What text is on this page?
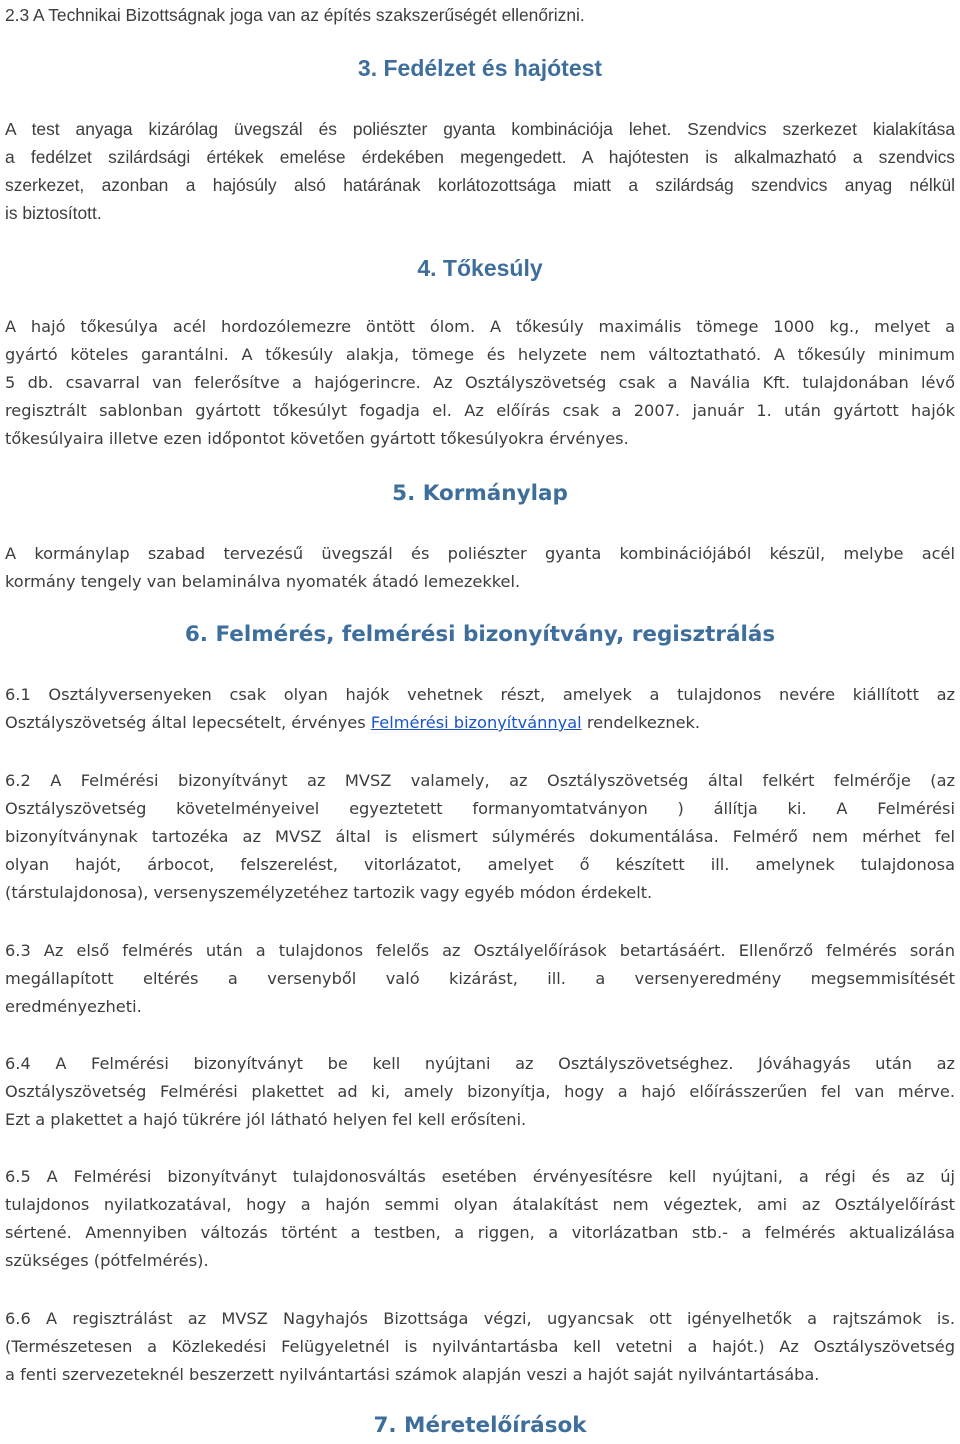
2.3 A Technikai Bizottságnak joga van az építés szakszerűségét ellenőrizni.
3. Fedélzet és hajótest
A test anyaga kizárólag üvegszál és poliészter gyanta kombinációja lehet. Szendvics szerkezet kialakítása
a fedélzet szilárdsági értékek emelése érdekében megengedett. A hajótesten is alkalmazható a szendvics
szerkezet, azonban a hajósúly alsó határának korlátozottsága miatt a szilárdság szendvics anyag nélkül
is biztosított.
4. Tőkesúly
A hajó tőkesúlya acél hordozólemezre öntött ólom. A tőkesúly maximális tömege 1000 kg., melyet a
gyártó köteles garantálni. A tőkesúly alakja, tömege és helyzete nem változtatható. A tőkesúly minimum
5 db. csavarral van felerősítve a hajógerincre. Az Osztályszövetség csak a Navália Kft. tulajdonában lévő
regisztrált sablonban gyártott tőkesúlyt fogadja el. Az előírás csak a 2007. január 1. után gyártott hajók
tőkesúlyaira illetve ezen időpontot követően gyártott tőkesúlyokra érvényes.
5. Kormánylap
A kormánylap szabad tervezésű üvegszál és poliészter gyanta kombinációjából készül, melybe acél
kormány tengely van belaminálva nyomaték átadó lemezekkel.
6. Felmérés, felmérési bizonyítvány, regisztrálás
6.1 Osztályversenyeken csak olyan hajók vehetnek részt, amelyek a tulajdonos nevére kiállított az
Osztályszövetség által lepecsételt, érvényes Felmérési bizonyítvánnyal rendelkeznek.
6.2 A Felmérési bizonyítványt az MVSZ valamely, az Osztályszövetség által felkért felmérője (az
Osztályszövetség követelményeivel egyeztetett formanyomtatványon ) állítja ki. A Felmérési
bizonyítványnak tartozéka az MVSZ által is elismert súlymérés dokumentálása. Felmérő nem mérhet fel
olyan hajót, árbocot, felszerelést, vitorlázatot, amelyet ő készített ill. amelynek tulajdonosa
(társtulajdonosa), versenyszemélyzetéhez tartozik vagy egyéb módon érdekelt.
6.3 Az első felmérés után a tulajdonos felelős az Osztályelőírások betartásáért. Ellenőrző felmérés során
megállapított eltérés a versenyből való kizárást, ill. a versenyeredmény megsemmisítését
eredményezheti.
6.4 A Felmérési bizonyítványt be kell nyújtani az Osztályszövetséghez. Jóváhagyás után az
Osztályszövetség Felmérési plakettet ad ki, amely bizonyítja, hogy a hajó előírásszerűen fel van mérve.
Ezt a plakettet a hajó tükrére jól látható helyen fel kell erősíteni.
6.5 A Felmérési bizonyítványt tulajdonosváltás esetében érvényesítésre kell nyújtani, a régi és az új
tulajdonos nyilatkozatával, hogy a hajón semmi olyan átalakítást nem végeztek, ami az Osztályelőírást
sértené. Amennyiben változás történt a testben, a riggen, a vitorlázatban stb.- a felmérés aktualizálása
szükséges (pótfelmérés).
6.6 A regisztrálást az MVSZ Nagyhajós Bizottsága végzi, ugyancsak ott igényelhetők a rajtszámok is.
(Természetesen a Közlekedési Felügyeletnél is nyilvántartásba kell vetetni a hajót.) Az Osztályszövetség
a fenti szervezeteknél beszerzett nyilvántartási számok alapján veszi a hajót saját nyilvántartásába.
7. Méretelőírások
